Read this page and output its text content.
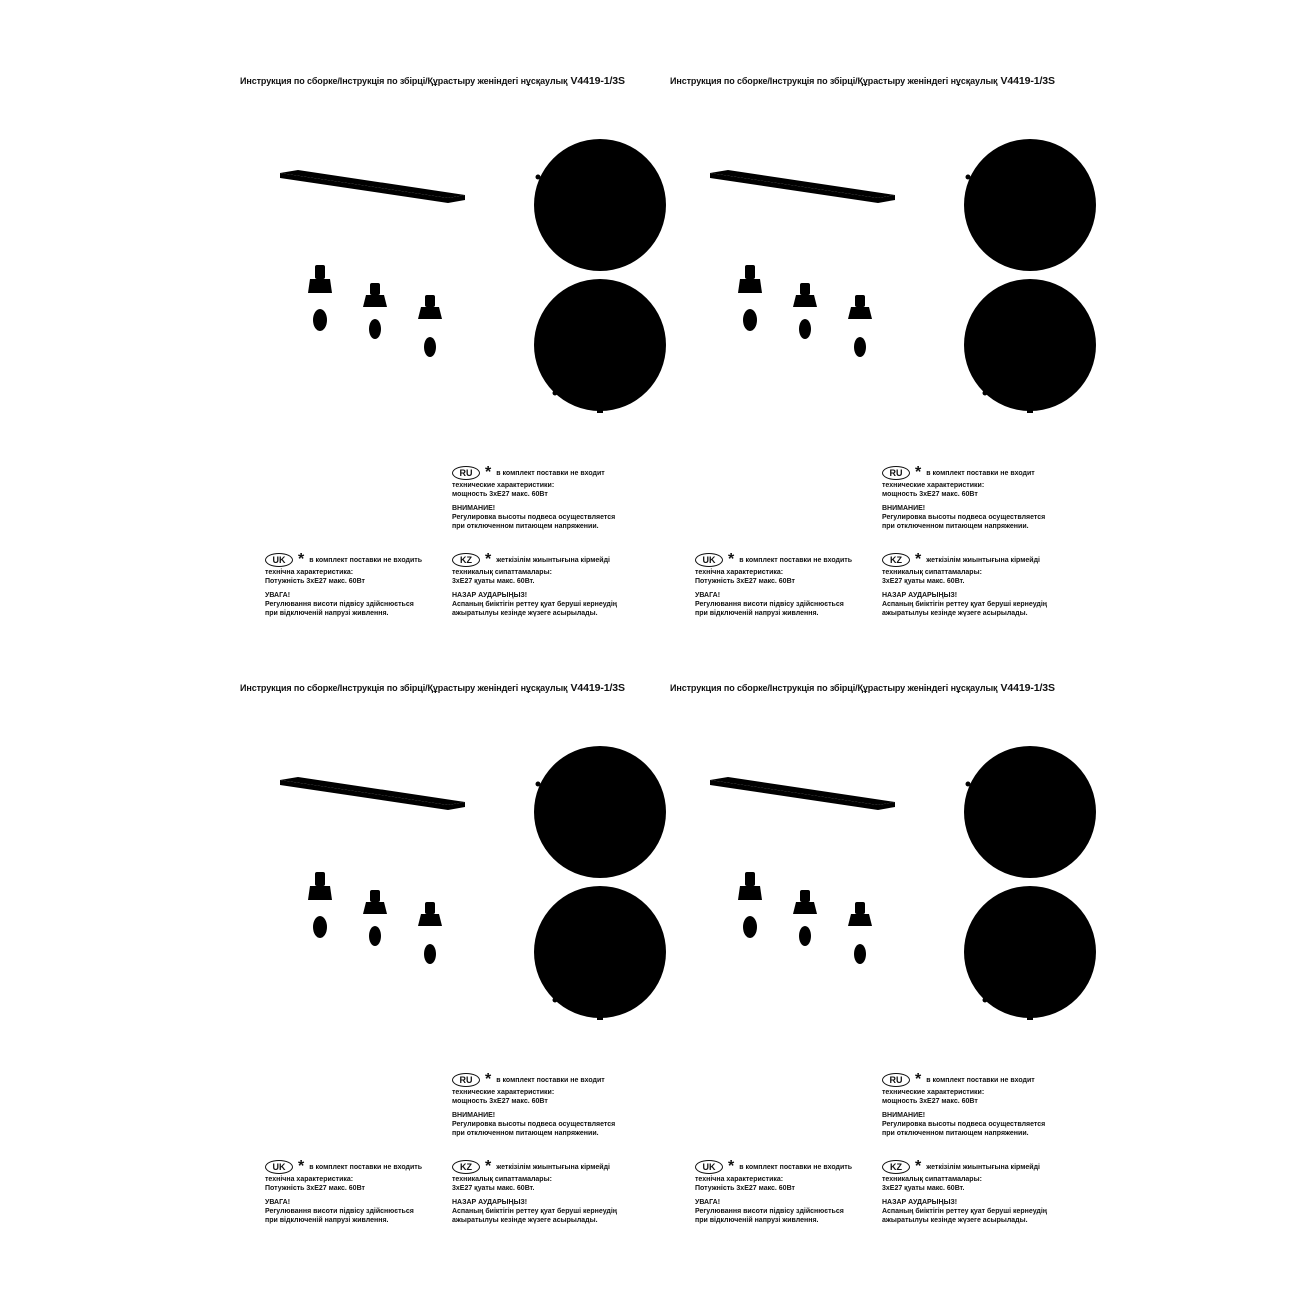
Инструкция по сборке/Інструкція по збірці/Құрастыру женіндегі нұсқаулық V4419-1/3S
* *
RU * в комплект поставки не входит
технические характеристики:
мощность 3xE27 макс. 60Вт
ВНИМАНИЕ!
Регулировка высоты подвеса осуществляется
при отключенном питающем напряжении.
UK * в комплект поставки не входить
технічна характеристика:
Потужність 3xE27 макс. 60Вт
УВАГА!
Регулювання висоти підвісу здійснюється
при відключеній напрузі живлення.
KZ * жеткізілім жиынтығына кірмейді
техникалық сипаттамалары:
3xE27 қуаты макс. 60Вт.
НАЗАР АУДАРЫҢЫЗ!
Аспаның биіктігін реттеу қуат беруші кернеудің
ажыратылуы кезінде жүзеге асырылады.
Инструкция по сборке/Інструкція по збірці/Құрастыру женіндегі нұсқаулық V4419-1/3S
* *
RU * в комплект поставки не входит
технические характеристики:
мощность 3xE27 макс. 60Вт
ВНИМАНИЕ!
Регулировка высоты подвеса осуществляется
при отключенном питающем напряжении.
UK * в комплект поставки не входить
технічна характеристика:
Потужність 3xE27 макс. 60Вт
УВАГА!
Регулювання висоти підвісу здійснюється
при відключеній напрузі живлення.
KZ * жеткізілім жиынтығына кірмейді
техникалық сипаттамалары:
3xE27 қуаты макс. 60Вт.
НАЗАР АУДАРЫҢЫЗ!
Аспаның биіктігін реттеу қуат беруші кернеудің
ажыратылуы кезінде жүзеге асырылады.
Инструкция по сборке/Інструкція по збірці/Құрастыру женіндегі нұсқаулық V4419-1/3S
* *
RU * в комплект поставки не входит
технические характеристики:
мощность 3xE27 макс. 60Вт
ВНИМАНИЕ!
Регулировка высоты подвеса осуществляется
при отключенном питающем напряжении.
UK * в комплект поставки не входить
технічна характеристика:
Потужність 3xE27 макс. 60Вт
УВАГА!
Регулювання висоти підвісу здійснюється
при відключеній напрузі живлення.
KZ * жеткізілім жиынтығына кірмейді
техникалық сипаттамалары:
3xE27 қуаты макс. 60Вт.
НАЗАР АУДАРЫҢЫЗ!
Аспаның биіктігін реттеу қуат беруші кернеудің
ажыратылуы кезінде жүзеге асырылады.
Инструкция по сборке/Інструкція по збірці/Құрастыру женіндегі нұсқаулық V4419-1/3S
* *
RU * в комплект поставки не входит
технические характеристики:
мощность 3xE27 макс. 60Вт
ВНИМАНИЕ!
Регулировка высоты подвеса осуществляется
при отключенном питающем напряжении.
UK * в комплект поставки не входить
технічна характеристика:
Потужність 3xE27 макс. 60Вт
УВАГА!
Регулювання висоти підвісу здійснюється
при відключеній напрузі живлення.
KZ * жеткізілім жиынтығына кірмейді
техникалық сипаттамалары:
3xE27 қуаты макс. 60Вт.
НАЗАР АУДАРЫҢЫЗ!
Аспаның биіктігін реттеу қуат беруші кернеудің
ажыратылуы кезінде жүзеге асырылады.
